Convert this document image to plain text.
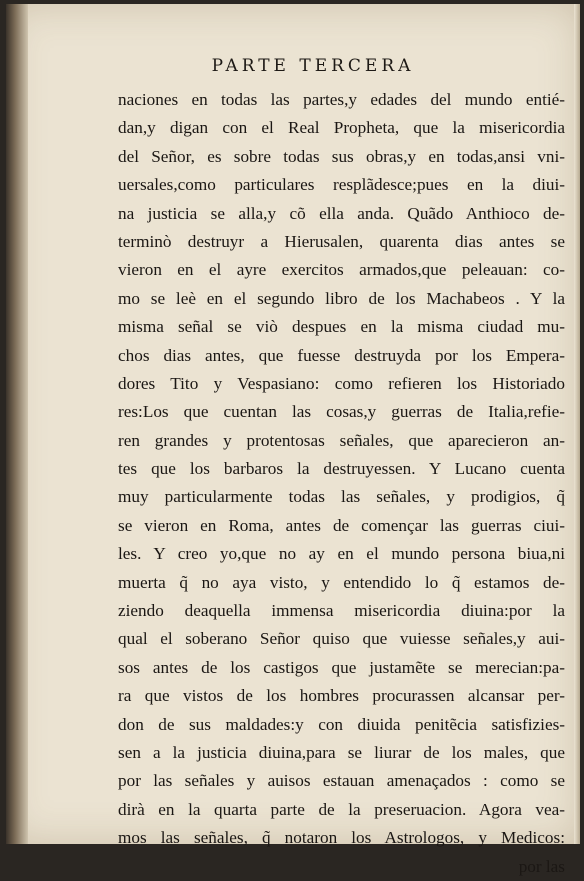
PARTE TERCERA
naciones en todas las partes,y edades del mundo entié-
dan,y digan con el Real Propheta, que la misericordia
del Señor, es sobre todas sus obras,y en todas,ansi vni-
uersales,como particulares resplãdesce;pues en la diui-
na justicia se alla,y cõ ella anda. Quãdo Anthioco de-
terminò destruyr a Hierusalen, quarenta dias antes se
vieron en el ayre exercitos armados,que peleauan: co-
mo se leè en el segundo libro de los Machabeos . Y la
misma señal se viò despues en la misma ciudad mu-
chos dias antes, que fuesse destruyda por los Empera-
dores Tito y Vespasiano: como refieren los Historiado
res:Los que cuentan las cosas,y guerras de Italia,refie-
ren grandes y protentosas señales, que aparecieron an-
tes que los barbaros la destruyessen. Y Lucano cuenta
muy particularmente todas las señales, y prodigios, q̃
se vieron en Roma, antes de començar las guerras ciui-
les. Y creo yo,que no ay en el mundo persona biua,ni
muerta q̃ no aya visto, y entendido lo q̃ estamos de-
ziendo deaquella immensa misericordia diuina:por la
qual el soberano Señor quiso que vuiesse señales,y aui-
sos antes de los castigos que justamẽte se merecian:pa-
ra que vistos de los hombres procurassen alcansar per-
don de sus maldades:y con diuida penitẽcia satisfizies-
sen a la justicia diuina,para se liurar de los males, que
por las señales y auisos estauan amenaçados : como se
dirà en la quarta parte de la preseruacion. Agora vea-
mos las señales, q̃ notaron los Astrologos, y Medicos:
por las
